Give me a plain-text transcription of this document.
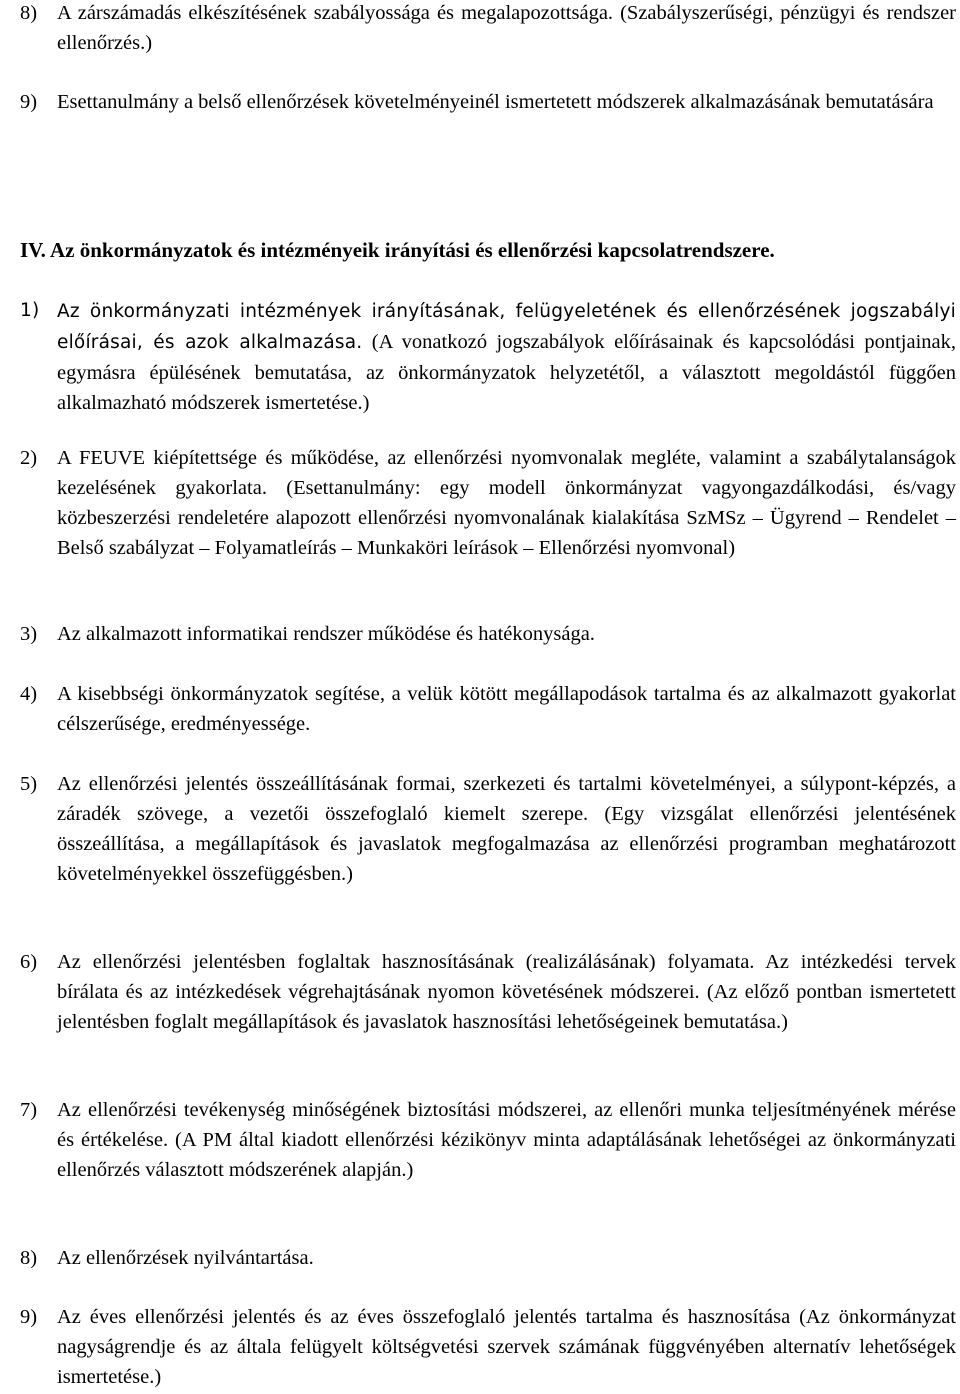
8) A zárszámadás elkészítésének szabályossága és megalapozottsága. (Szabályszerűségi, pénzügyi és rendszer ellenőrzés.)
9) Esettanulmány a belső ellenőrzések követelményeinél ismertetett módszerek alkalmazásának bemutatására
IV. Az önkormányzatok és intézményeik irányítási és ellenőrzési kapcsolatrendszere.
1) Az önkormányzati intézmények irányításának, felügyeletének és ellenőrzésének jogszabályi előírásai, és azok alkalmazása. (A vonatkozó jogszabályok előírásainak és kapcsolódási pontjainak, egymásra épülésének bemutatása, az önkormányzatok helyzetétől, a választott megoldástól függően alkalmazható módszerek ismertetése.)
2) A FEUVE kiépítettsége és működése, az ellenőrzési nyomvonalak megléte, valamint a szabálytalanságok kezelésének gyakorlata. (Esettanulmány: egy modell önkormányzat vagyongazdálkodási, és/vagy közbeszerzési rendeletére alapozott ellenőrzési nyomvonalának kialakítása SzMSz – Ügyrend – Rendelet – Belső szabályzat – Folyamatleírás – Munkaköri leírások – Ellenőrzési nyomvonal)
3) Az alkalmazott informatikai rendszer működése és hatékonysága.
4) A kisebbségi önkormányzatok segítése, a velük kötött megállapodások tartalma és az alkalmazott gyakorlat célszerűsége, eredményessége.
5) Az ellenőrzési jelentés összeállításának formai, szerkezeti és tartalmi követelményei, a súlypont-képzés, a záradék szövege, a vezetői összefoglaló kiemelt szerepe. (Egy vizsgálat ellenőrzési jelentésének összeállítása, a megállapítások és javaslatok megfogalmazása az ellenőrzési programban meghatározott követelményekkel összefüggésben.)
6) Az ellenőrzési jelentésben foglaltak hasznosításának (realizálásának) folyamata. Az intézkedési tervek bírálata és az intézkedések végrehajtásának nyomon követésének módszerei. (Az előző pontban ismertetett jelentésben foglalt megállapítások és javaslatok hasznosítási lehetőségeinek bemutatása.)
7) Az ellenőrzési tevékenység minőségének biztosítási módszerei, az ellenőri munka teljesítményének mérése és értékelése. (A PM által kiadott ellenőrzési kézikönyv minta adaptálásának lehetőségei az önkormányzati ellenőrzés választott módszerének alapján.)
8) Az ellenőrzések nyilvántartása.
9) Az éves ellenőrzési jelentés és az éves összefoglaló jelentés tartalma és hasznosítása (Az önkormányzat nagyságrendje és az általa felügyelt költségvetési szervek számának függvényében alternatív lehetőségek ismertetése.)
